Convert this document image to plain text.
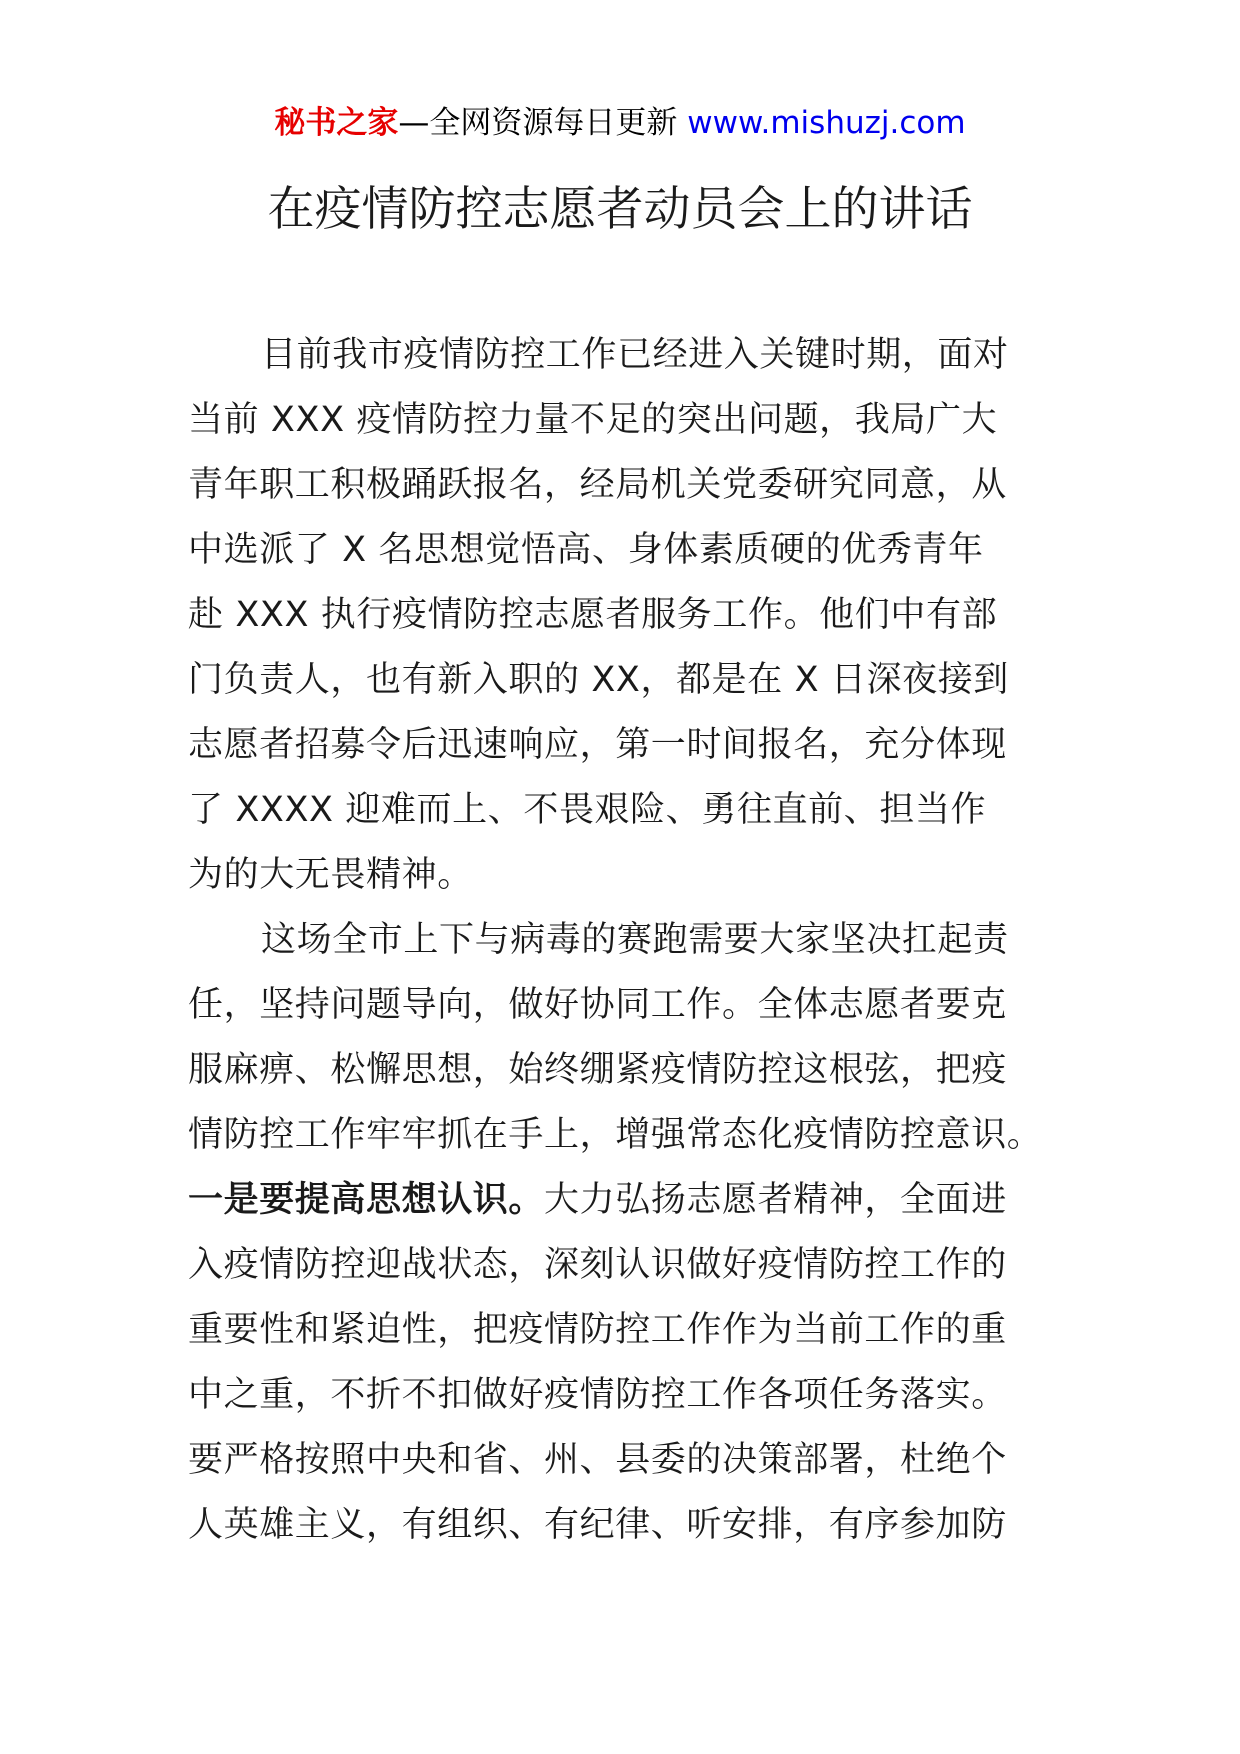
秘书之家—全网资源每日更新 www.mishuzj.com
在疫情防控志愿者动员会上的讲话
目前我市疫情防控工作已经进入关键时期，面对
当前 XXX 疫情防控力量不足的突出问题，我局广大
青年职工积极踊跃报名，经局机关党委研究同意，从
中选派了 X 名思想觉悟高、身体素质硬的优秀青年
赴 XXX 执行疫情防控志愿者服务工作。他们中有部
门负责人，也有新入职的 XX，都是在 X 日深夜接到
志愿者招募令后迅速响应，第一时间报名，充分体现
了 XXXX 迎难而上、不畏艰险、勇往直前、担当作
为的大无畏精神。
这场全市上下与病毒的赛跑需要大家坚决扛起责
任，坚持问题导向，做好协同工作。全体志愿者要克
服麻痹、松懈思想，始终绷紧疫情防控这根弦，把疫
情防控工作牢牢抓在手上，增强常态化疫情防控意识。
一是要提高思想认识。大力弘扬志愿者精神，全面进
入疫情防控迎战状态，深刻认识做好疫情防控工作的
重要性和紧迫性，把疫情防控工作作为当前工作的重
中之重，不折不扣做好疫情防控工作各项任务落实。
要严格按照中央和省、州、县委的决策部署，杜绝个
人英雄主义，有组织、有纪律、听安排，有序参加防
